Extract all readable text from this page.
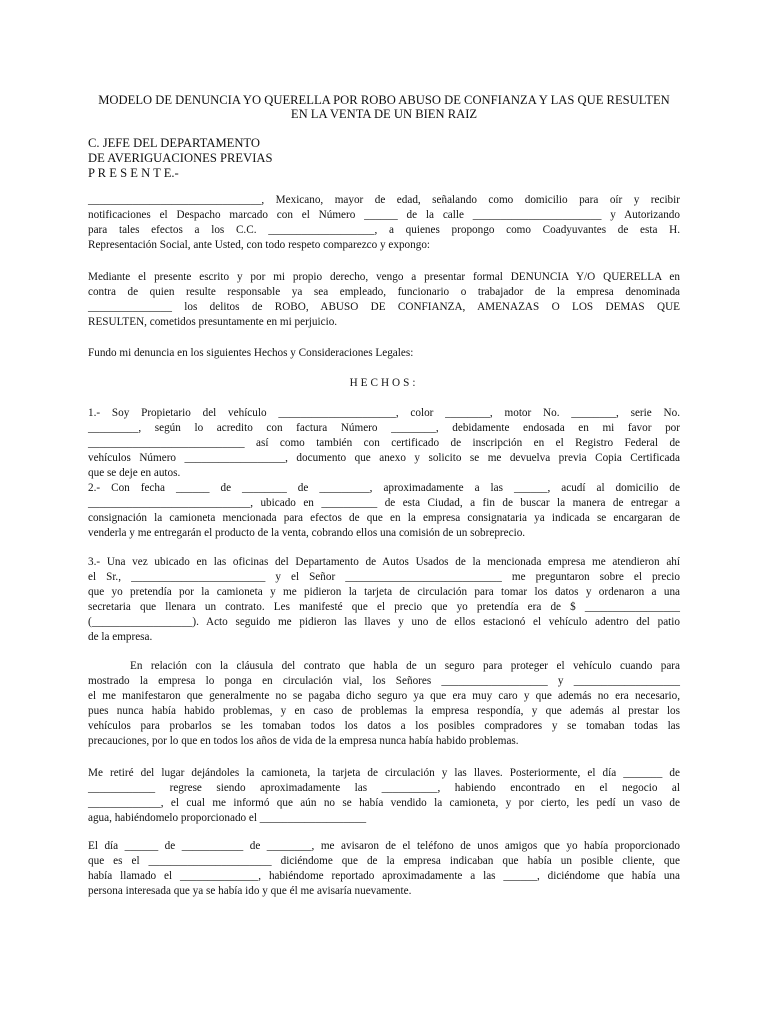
MODELO DE DENUNCIA YO QUERELLA POR ROBO ABUSO DE CONFIANZA Y LAS QUE RESULTEN
EN LA VENTA DE UN BIEN RAIZ
C. JEFE DEL DEPARTAMENTO
DE AVERIGUACIONES PREVIAS
P R E S E N T E.-
_______________________________, Mexicano, mayor de edad, señalando como domicilio para oír y recibir
notificaciones el Despacho marcado con el Número ______ de la calle _______________________ y Autorizando
para tales efectos a los C.C. ___________________, a quienes propongo como Coadyuvantes de esta H.
Representación Social, ante Usted, con todo respeto comparezco y expongo:
Mediante el presente escrito y por mi propio derecho, vengo a presentar formal DENUNCIA Y/O QUERELLA en
contra de quien resulte responsable ya sea empleado, funcionario o trabajador de la empresa denominada
_______________ los delitos de ROBO, ABUSO DE CONFIANZA, AMENAZAS O LOS DEMAS QUE
RESULTEN, cometidos presuntamente en mi perjuicio.
Fundo mi denuncia en los siguientes Hechos y Consideraciones Legales:
HECHOS:
1.- Soy Propietario del vehículo _____________________, color ________, motor No. ________, serie No.
_________, según lo acredito con factura Número ________, debidamente endosada en mi favor por
____________________________ así como también con certificado de inscripción en el Registro Federal de
vehículos Número __________________, documento que anexo y solicito se me devuelva previa Copia Certificada
que se deje en autos.
2.- Con fecha ______ de ________ de _________, aproximadamente a las ______, acudí al domicilio de
_____________________________, ubicado en __________ de esta Ciudad, a fin de buscar la manera de entregar a
consignación la camioneta mencionada para efectos de que en la empresa consignataria ya indicada se encargaran de
venderla y me entregarán el producto de la venta, cobrando ellos una comisión de un sobreprecio.
3.- Una vez ubicado en las oficinas del Departamento de Autos Usados de la mencionada empresa me atendieron ahí
el Sr., ________________________ y el Señor ____________________________ me preguntaron sobre el precio
que yo pretendía por la camioneta y me pidieron la tarjeta de circulación para tomar los datos y ordenaron a una
secretaria que llenara un contrato. Les manifesté que el precio que yo pretendía era de $ _________________
(__________________). Acto seguido me pidieron las llaves y uno de ellos estacionó el vehículo adentro del patio
de la empresa.
En relación con la cláusula del contrato que habla de un seguro para proteger el vehículo cuando para
mostrado la empresa lo ponga en circulación vial, los Señores ___________________ y ___________________
el me manifestaron que generalmente no se pagaba dicho seguro ya que era muy caro y que además no era necesario,
pues nunca había habido problemas, y en caso de problemas la empresa respondía, y que además al prestar los
vehículos para probarlos se les tomaban todos los datos a los posibles compradores y se tomaban todas las
precauciones, por lo que en todos los años de vida de la empresa nunca había habido problemas.
Me retiré del lugar dejándoles la camioneta, la tarjeta de circulación y las llaves. Posteriormente, el día _______ de
____________ regrese siendo aproximadamente las __________, habiendo encontrado en el negocio al
_____________, el cual me informó que aún no se había vendido la camioneta, y por cierto, les pedí un vaso de
agua, habiéndomelo proporcionado el ___________________
El día ______ de ___________ de ________, me avisaron de el teléfono de unos amigos que yo había proporcionado
que es el ______________________ diciéndome que de la empresa indicaban que había un posible cliente, que
había llamado el ______________, habiéndome reportado aproximadamente a las ______, diciéndome que había una
persona interesada que ya se había ido y que él me avisaría nuevamente.
